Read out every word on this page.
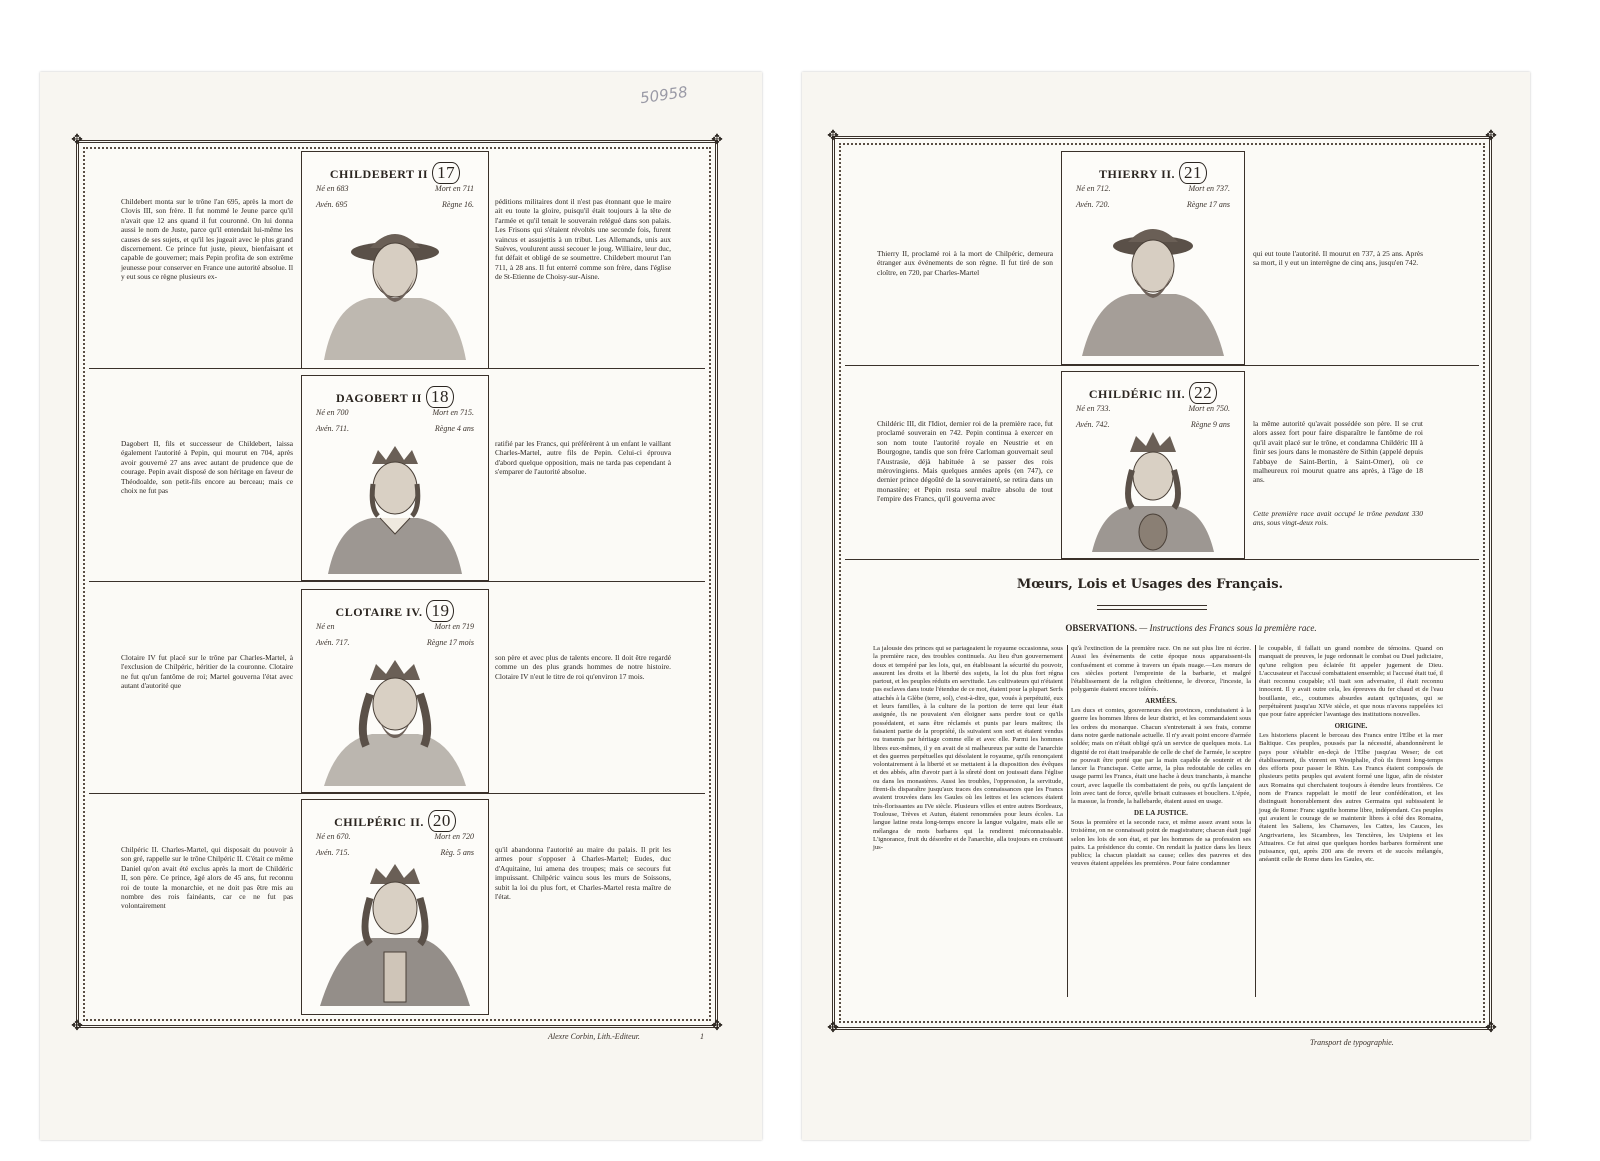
50958
✥	✥
✥	✥
Childebert monta sur le trône l'an 695, après la mort de Clovis III, son frère. Il fut nommé le Jeune parce qu'il n'avait que 12 ans quand il fut couronné. On lui donna aussi le nom de Juste, parce qu'il entendait lui-même les causes de ses sujets, et qu'il les jugeait avec le plus grand discernement. Ce prince fut juste, pieux, bienfaisant et capable de gouverner; mais Pepin profita de son extrême jeunesse pour conserver en France une autorité absolue. Il y eut sous ce règne plusieurs ex-
CHILDEBERT II 17
Né en 683	Mort en 711
Avén. 695	Règne 16.	péditions militaires dont il n'est pas étonnant que le maire ait eu toute la gloire, puisqu'il était toujours à la tête de l'armée et qu'il tenait le souverain relégué dans son palais. Les Frisons qui s'étaient révoltés une seconde fois, furent vaincus et assujettis à un tribut. Les Allemands, unis aux Suèves, voulurent aussi secouer le joug. Williaire, leur duc, fut défait et obligé de se soumettre. Childebert mourut l'an 711, à 28 ans. Il fut enterré comme son frère, dans l'église de St-Etienne de Choisy-sur-Aisne.
Dagobert II, fils et successeur de Childebert, laissa également l'autorité à Pepin, qui mourut en 704, après avoir gouverné 27 ans avec autant de prudence que de courage. Pepin avait disposé de son héritage en faveur de Théodoalde, son petit-fils encore au berceau; mais ce choix ne fut pas
DAGOBERT II 18
Né en 700	Mort en 715.
Avén. 711.	Règne 4 ans
ratifié par les Francs, qui préférèrent à un enfant le vaillant Charles-Martel, autre fils de Pepin. Celui-ci éprouva d'abord quelque opposition, mais ne tarda pas cependant à s'emparer de l'autorité absolue.
Clotaire IV fut placé sur le trône par Charles-Martel, à l'exclusion de Chilpéric, héritier de la couronne. Clotaire ne fut qu'un fantôme de roi; Martel gouverna l'état avec autant d'autorité que
CLOTAIRE IV. 19
Né en	Mort en 719
Avén. 717.	Règne 17 mois
son père et avec plus de talents encore. Il doit être regardé comme un des plus grands hommes de notre histoire. Clotaire IV n'eut le titre de roi qu'environ 17 mois.
Chilpéric II. Charles-Martel, qui disposait du pouvoir à son gré, rappelle sur le trône Chilpéric II. C'était ce même Daniel qu'on avait été exclus après la mort de Childéric II, son père. Ce prince, âgé alors de 45 ans, fut reconnu roi de toute la monarchie, et ne doit pas être mis au nombre des rois fainéants, car ce ne fut pas volontairement
CHILPÉRIC II. 20
Né en 670.	Mort en 720
Avén. 715.	Règ. 5 ans	qu'il abandonna l'autorité au maire du palais. Il prit les armes pour s'opposer à Charles-Martel; Eudes, duc d'Aquitaine, lui amena des troupes; mais ce secours fut impuissant. Chilpéric vaincu sous les murs de Soissons, subit la loi du plus fort, et Charles-Martel resta maître de l'état.
Alexre Corbin, Lith.-Editeur.	1
✥	✥
✥	✥
Thierry II, proclamé roi à la mort de Chilpéric, demeura étranger aux événements de son règne. Il fut tiré de son cloître, en 720, par Charles-Martel
THIERRY II. 21
Né en 712.	Mort en 737.
Avén. 720.	Règne 17 ans
qui eut toute l'autorité. Il mourut en 737, à 25 ans. Après sa mort, il y eut un interrègne de cinq ans, jusqu'en 742.
Childéric III, dit l'Idiot, dernier roi de la première race, fut proclamé souverain en 742. Pepin continua à exercer en son nom toute l'autorité royale en Neustrie et en Bourgogne, tandis que son frère Carloman gouvernait seul l'Austrasie, déjà habituée à se passer des rois mérovingiens. Mais quelques années après (en 747), ce dernier prince dégoûté de la souveraineté, se retira dans un monastère; et Pepin resta seul maître absolu de tout l'empire des Francs, qu'il gouverna avec
CHILDÉRIC III. 22
Né en 733.	Mort en 750.
Avén. 742.	Règne 9 ans	la même autorité qu'avait possédée son père. Il se crut alors assez fort pour faire disparaître le fantôme de roi qu'il avait placé sur le trône, et condamna Childéric III à finir ses jours dans le monastère de Sithin (appelé depuis l'abbaye de Saint-Bertin, à Saint-Omer), où ce malheureux roi mourut quatre ans après, à l'âge de 18 ans.
Cette première race avait occupé le trône pendant 330 ans, sous vingt-deux rois.
Mœurs, Lois et Usages des Français.
OBSERVATIONS. — Instructions des Francs sous la première race.

La jalousie des princes qui se partageaient le royaume occasionna, sous la première race, des troubles continuels. Au lieu d'un gouvernement doux et tempéré par les lois, qui, en établissant la sécurité du pouvoir, assurent les droits et la liberté des sujets, la loi du plus fort régna partout, et les peuples réduits en servitude. Les cultivateurs qui n'étaient pas esclaves dans toute l'étendue de ce mot, étaient pour la plupart Serfs attachés à la Glèbe (terre, sol), c'est-à-dire, que, voués à perpétuité, eux et leurs familles, à la culture de la portion de terre qui leur était assignée, ils ne pouvaient s'en éloigner sans perdre tout ce qu'ils possédaient, et sans être réclamés et punis par leurs maîtres; ils faisaient partie de la propriété, ils suivaient son sort et étaient vendus ou transmis par héritage comme elle et avec elle. Parmi les hommes libres eux-mêmes, il y en avait de si malheureux par suite de l'anarchie et des guerres perpétuelles qui désolaient le royaume, qu'ils renonçaient volontairement à la liberté et se mettaient à la disposition des évêques et des abbés, afin d'avoir part à la sûreté dont on jouissait dans l'église ou dans les monastères. Aussi les troubles, l'oppression, la servitude, firent-ils disparaître jusqu'aux traces des connaissances que les Francs avaient trouvées dans les Gaules où les lettres et les sciences étaient très-florissantes au IVe siècle. Plusieurs villes et entre autres Bordeaux, Toulouse, Trèves et Autun, étaient renommées pour leurs écoles. La langue latine resta long-temps encore la langue vulgaire, mais elle se mélangea de mots barbares qui la rendirent méconnaissable. L'ignorance, fruit du désordre et de l'anarchie, alla toujours en croissant jus-

qu'à l'extinction de la première race. On ne sut plus lire ni écrire. Aussi les événements de cette époque nous apparaissent-ils confusément et comme à travers un épais nuage.—Les mœurs de ces siècles portent l'empreinte de la barbarie, et malgré l'établissement de la religion chrétienne, le divorce, l'inceste, la polygamie étaient encore tolérés.

ARMÉES.

Les ducs et comtes, gouverneurs des provinces, conduisaient à la guerre les hommes libres de leur district, et les commandaient sous les ordres du monarque. Chacun s'entretenait à ses frais, comme dans notre garde nationale actuelle. Il n'y avait point encore d'armée soldée; mais on n'était obligé qu'à un service de quelques mois. La dignité de roi était inséparable de celle de chef de l'armée, le sceptre ne pouvait être porté que par la main capable de soutenir et de lancer la Francisque. Cette arme, la plus redoutable de celles en usage parmi les Francs, était une hache à deux tranchants, à manche court, avec laquelle ils combattaient de près, ou qu'ils lançaient de loin avec tant de force, qu'elle brisait cuirasses et boucliers. L'épée, la massue, la fronde, la hallebarde, étaient aussi en usage.

DE LA JUSTICE.

Sous la première et la seconde race, et même assez avant sous la troisième, on ne connaissait point de magistrature; chacun était jugé selon les lois de son état, et par les hommes de sa profession ses pairs. La présidence du comte. On rendait la justice dans les lieux publics; la chacun plaidait sa cause; celles des pauvres et des veuves étaient appelées les premières. Pour faire condamner

le coupable, il fallait un grand nombre de témoins. Quand on manquait de preuves, le juge ordonnait le combat ou Duel judiciaire, qu'une religion peu éclairée fit appeler jugement de Dieu. L'accusateur et l'accusé combattaient ensemble; si l'accusé était tué, il était reconnu coupable; s'il tuait son adversaire, il était reconnu innocent. Il y avait outre cela, les épreuves du fer chaud et de l'eau bouillante, etc., coutumes absurdes autant qu'injustes, qui se perpétuèrent jusqu'au XIVe siècle, et que nous n'avons rappelées ici que pour faire apprécier l'avantage des institutions nouvelles.

ORIGINE.

Les historiens placent le berceau des Francs entre l'Elbe et la mer Baltique. Ces peuples, poussés par la nécessité, abandonnèrent le pays pour s'établir en-deçà de l'Elbe jusqu'au Weser; de cet établissement, ils vinrent en Westphalie, d'où ils firent long-temps des efforts pour passer le Rhin. Les Francs étaient composés de plusieurs petits peuples qui avaient formé une ligue, afin de résister aux Romains qui cherchaient toujours à étendre leurs frontières. Ce nom de Francs rappelait le motif de leur confédération, et les distinguait honorablement des autres Germains qui subissaient le joug de Rome: Franc signifie homme libre, indépendant. Ces peuples qui avaient le courage de se maintenir libres à côté des Romains, étaient les Saliens, les Chamaves, les Cattes, les Cauces, les Angrivariens, les Sicambres, les Tenctères, les Usipiens et les Attuaires. Ce fut ainsi que quelques hordes barbares formèrent une puissance, qui, après 200 ans de revers et de succès mélangés, anéantit celle de Rome dans les Gaules, etc.

Transport de typographie.
